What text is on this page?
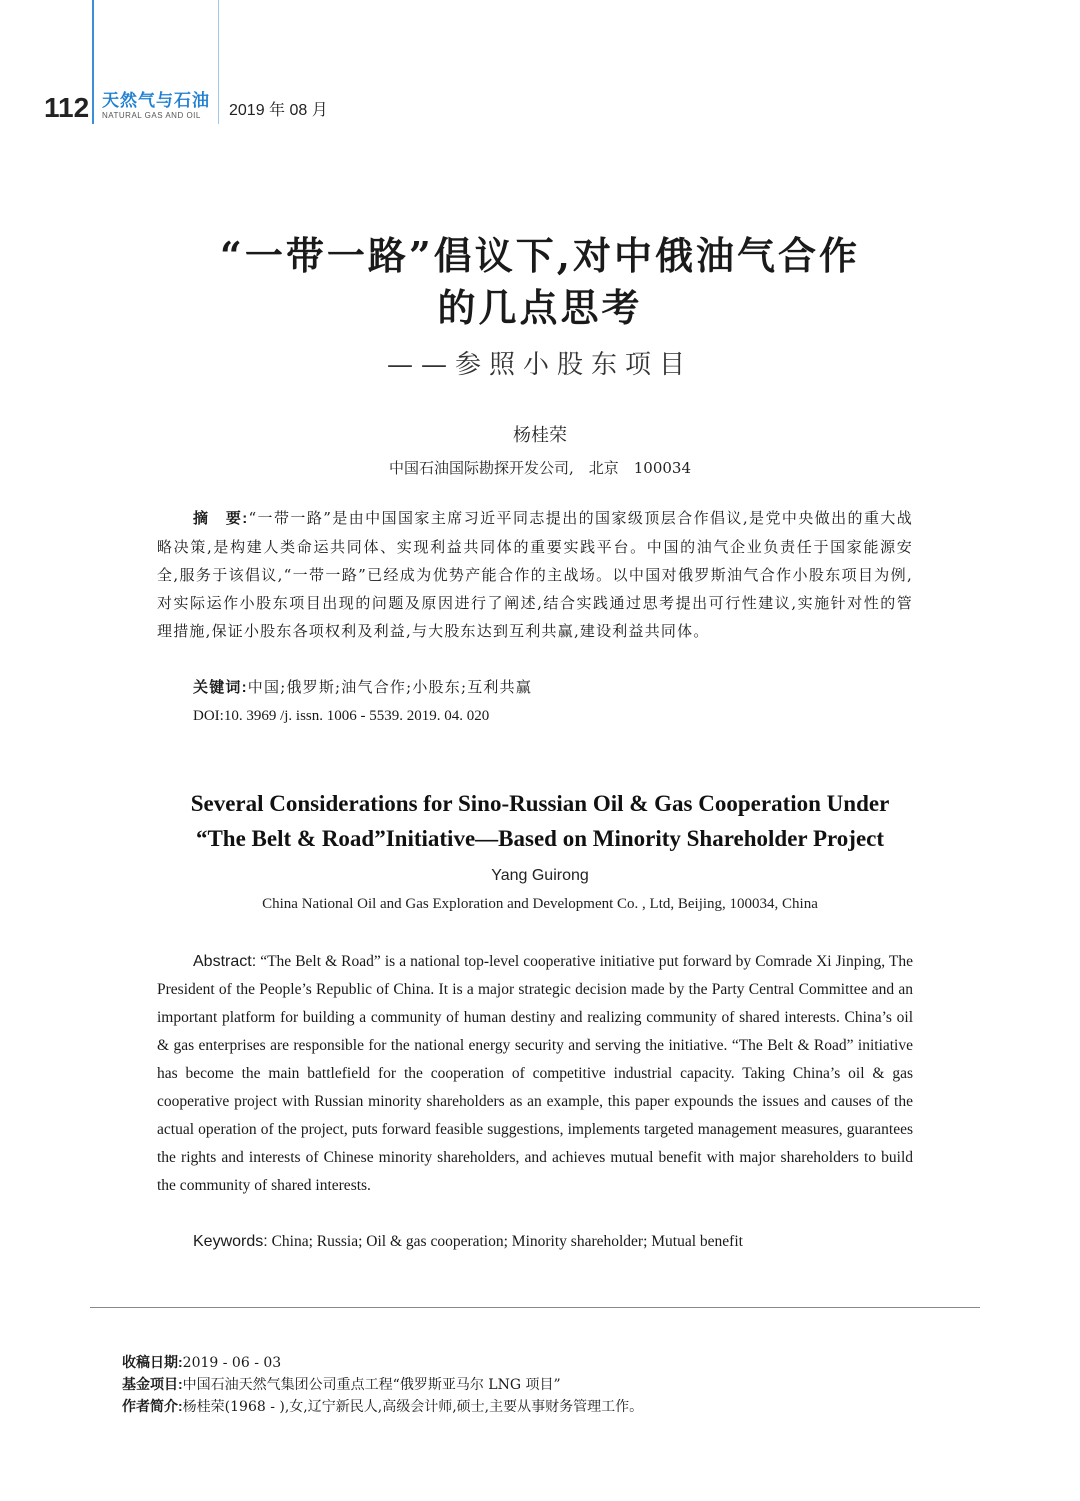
112 天然气与石油
NATURAL GAS AND OIL 2019 年 08 月
“一带一路”倡议下,对中俄油气合作
的几点思考
——参照小股东项目
杨桂荣
中国石油国际勘探开发公司,　北京　100034
摘　要:“一带一路”是由中国国家主席习近平同志提出的国家级顶层合作倡议,是党中央做出的重大战略决策,是构建人类命运共同体、实现利益共同体的重要实践平台。中国的油气企业负责任于国家能源安全,服务于该倡议,“一带一路”已经成为优势产能合作的主战场。以中国对俄罗斯油气合作小股东项目为例,对实际运作小股东项目出现的问题及原因进行了阐述,结合实践通过思考提出可行性建议,实施针对性的管理措施,保证小股东各项权利及利益,与大股东达到互利共赢,建设利益共同体。
关键词:中国;俄罗斯;油气合作;小股东;互利共赢
DOI:10. 3969 /j. issn. 1006 - 5539. 2019. 04. 020
Several Considerations for Sino-Russian Oil & Gas Cooperation Under
“The Belt & Road”Initiative—Based on Minority Shareholder Project
Yang Guirong
China National Oil and Gas Exploration and Development Co. , Ltd, Beijing, 100034, China
Abstract: “The Belt & Road” is a national top-level cooperative initiative put forward by Comrade Xi Jinping, The President of the People’s Republic of China. It is a major strategic decision made by the Party Central Committee and an important platform for building a community of human destiny and realizing community of shared interests. China’s oil & gas enterprises are responsible for the national energy security and serving the initiative. “The Belt & Road” initiative has become the main battlefield for the cooperation of competitive industrial capacity. Taking China’s oil & gas cooperative project with Russian minority shareholders as an example, this paper expounds the issues and causes of the actual operation of the project, puts forward feasible suggestions, implements targeted management measures, guarantees the rights and interests of Chinese minority shareholders, and achieves mutual benefit with major shareholders to build the community of shared interests.
Keywords: China; Russia; Oil & gas cooperation; Minority shareholder; Mutual benefit
收稿日期:2019 - 06 - 03
基金项目:中国石油天然气集团公司重点工程“俄罗斯亚马尔 LNG 项目”
作者简介:杨桂荣(1968 - ),女,辽宁新民人,高级会计师,硕士,主要从事财务管理工作。
